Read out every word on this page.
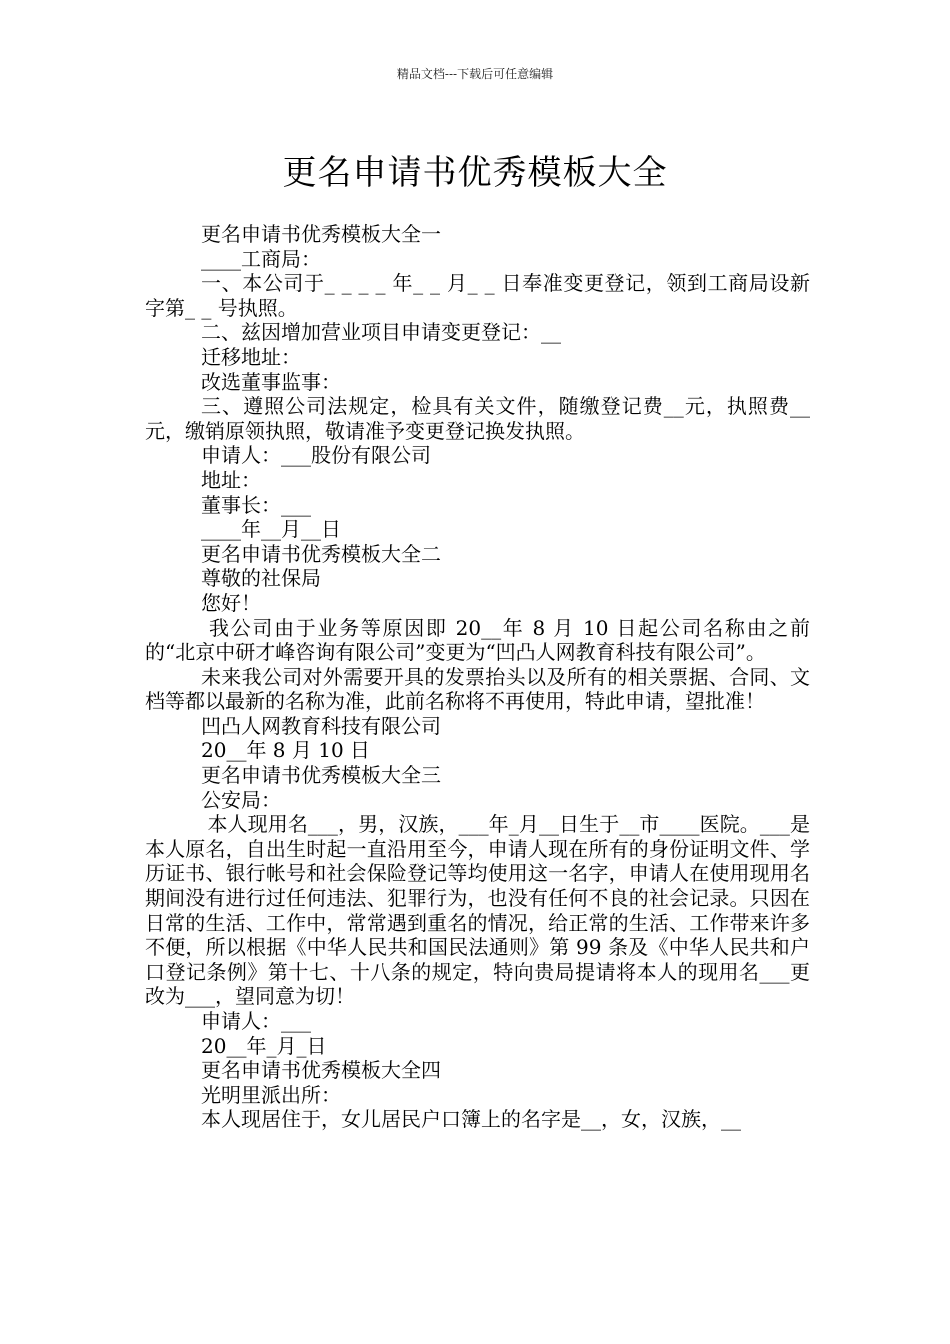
精品文档---下载后可任意编辑
更名申请书优秀模板大全

更名申请书优秀模板大全一

____工商局：

一、本公司于_ _ _ _ 年_ _ 月_ _ 日奉准变更登记，领到工商局设新字第_ _ 号执照。

二、兹因增加营业项目申请变更登记：__

迁移地址：

改选董事监事：

三、遵照公司法规定，检具有关文件，随缴登记费__元，执照费__元，缴销原领执照，敬请准予变更登记换发执照。

申请人：___股份有限公司

地址：

董事长：___

____年__月__日

更名申请书优秀模板大全二

尊敬的社保局

您好！

我公司由于业务等原因即 20__年 8 月 10 日起公司名称由之前的“北京中研才峰咨询有限公司”变更为“凹凸人网教育科技有限公司”。

未来我公司对外需要开具的发票抬头以及所有的相关票据、合同、文档等都以最新的名称为准，此前名称将不再使用，特此申请，望批准！

凹凸人网教育科技有限公司

20__年 8 月 10 日

更名申请书优秀模板大全三

公安局：

本人现用名___，男，汉族，___年_月__日生于__市____医院。___是本人原名，自出生时起一直沿用至今，申请人现在所有的身份证明文件、学历证书、银行帐号和社会保险登记等均使用这一名字，申请人在使用现用名期间没有进行过任何违法、犯罪行为，也没有任何不良的社会记录。只因在日常的生活、工作中，常常遇到重名的情况，给正常的生活、工作带来许多不便，所以根据《中华人民共和国民法通则》第 99 条及《中华人民共和户口登记条例》第十七、十八条的规定，特向贵局提请将本人的现用名___更改为___，望同意为切！

申请人：___

20__年_月_日

更名申请书优秀模板大全四

光明里派出所：

本人现居住于，女儿居民户口簿上的名字是__，女，汉族，__
